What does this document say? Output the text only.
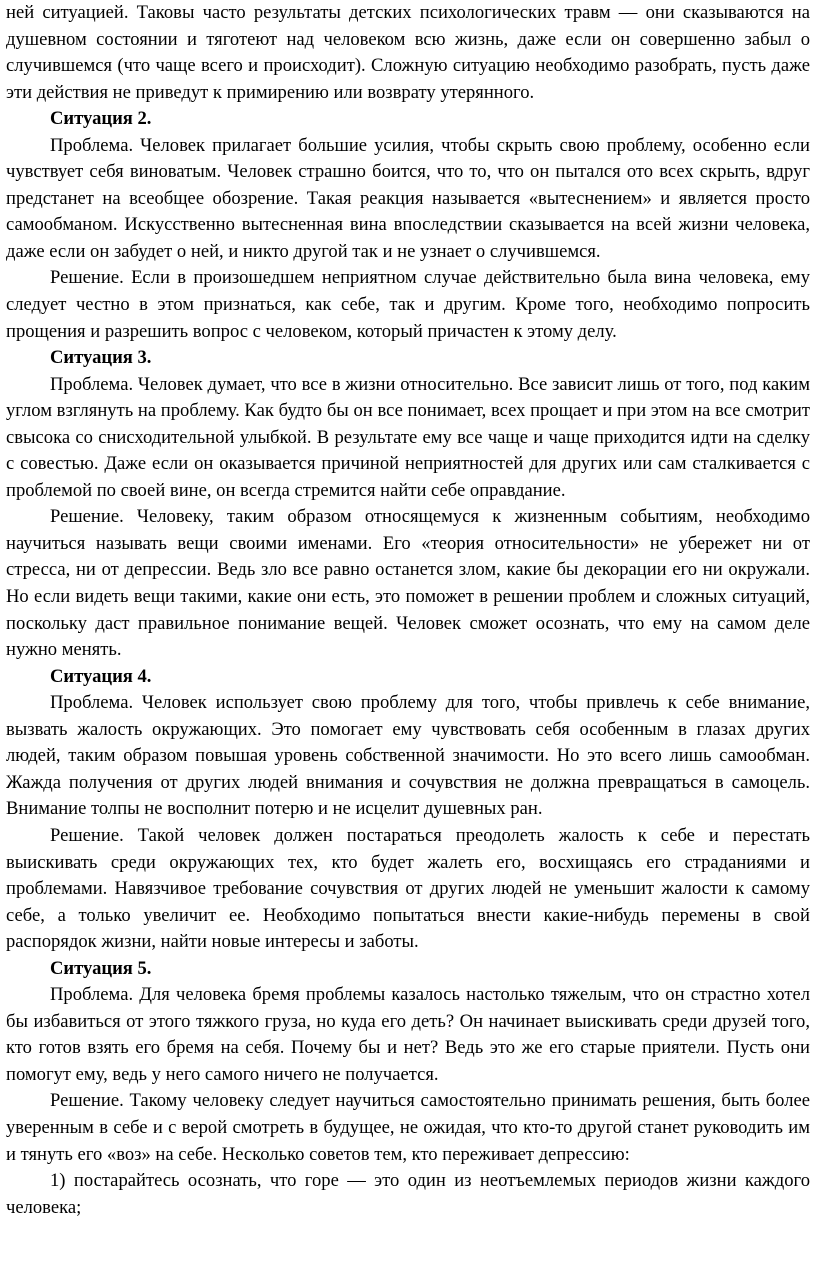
ней ситуацией. Таковы часто результаты детских психологических травм — они сказываются на душевном состоянии и тяготеют над человеком всю жизнь, даже если он совершенно забыл о случившемся (что чаще всего и происходит). Сложную ситуацию необходимо разобрать, пусть даже эти действия не приведут к примирению или возврату утерянного.

Ситуация 2.

Проблема. Человек прилагает большие усилия, чтобы скрыть свою проблему, особенно если чувствует себя виноватым. Человек страшно боится, что то, что он пытался ото всех скрыть, вдруг предстанет на всеобщее обозрение. Такая реакция называется «вытеснением» и является просто самообманом. Искусственно вытесненная вина впоследствии сказывается на всей жизни человека, даже если он забудет о ней, и никто другой так и не узнает о случившемся.

Решение. Если в произошедшем неприятном случае действительно была вина человека, ему следует честно в этом признаться, как себе, так и другим. Кроме того, необходимо попросить прощения и разрешить вопрос с человеком, который причастен к этому делу.

Ситуация 3.

Проблема. Человек думает, что все в жизни относительно. Все зависит лишь от того, под каким углом взглянуть на проблему. Как будто бы он все понимает, всех прощает и при этом на все смотрит свысока со снисходительной улыбкой. В результате ему все чаще и чаще приходится идти на сделку с совестью. Даже если он оказывается причиной неприятностей для других или сам сталкивается с проблемой по своей вине, он всегда стремится найти себе оправдание.

Решение. Человеку, таким образом относящемуся к жизненным событиям, необходимо научиться называть вещи своими именами. Его «теория относительности» не убережет ни от стресса, ни от депрессии. Ведь зло все равно останется злом, какие бы декорации его ни окружали. Но если видеть вещи такими, какие они есть, это поможет в решении проблем и сложных ситуаций, поскольку даст правильное понимание вещей. Человек сможет осознать, что ему на самом деле нужно менять.

Ситуация 4.

Проблема. Человек использует свою проблему для того, чтобы привлечь к себе внимание, вызвать жалость окружающих. Это помогает ему чувствовать себя особенным в глазах других людей, таким образом повышая уровень собственной значимости. Но это всего лишь самообман. Жажда получения от других людей внимания и сочувствия не должна превращаться в самоцель. Внимание толпы не восполнит потерю и не исцелит душевных ран.

Решение. Такой человек должен постараться преодолеть жалость к себе и перестать выискивать среди окружающих тех, кто будет жалеть его, восхищаясь его страданиями и проблемами. Навязчивое требование сочувствия от других людей не уменьшит жалости к самому себе, а только увеличит ее. Необходимо попытаться внести какие-нибудь перемены в свой распорядок жизни, найти новые интересы и заботы.

Ситуация 5.

Проблема. Для человека бремя проблемы казалось настолько тяжелым, что он страстно хотел бы избавиться от этого тяжкого груза, но куда его деть? Он начинает выискивать среди друзей того, кто готов взять его бремя на себя. Почему бы и нет? Ведь это же его старые приятели. Пусть они помогут ему, ведь у него самого ничего не получается.

Решение. Такому человеку следует научиться самостоятельно принимать решения, быть более уверенным в себе и с верой смотреть в будущее, не ожидая, что кто-то другой станет руководить им и тянуть его «воз» на себе. Несколько советов тем, кто переживает депрессию:

1) постарайтесь осознать, что горе — это один из неотъемлемых периодов жизни каждого человека;
